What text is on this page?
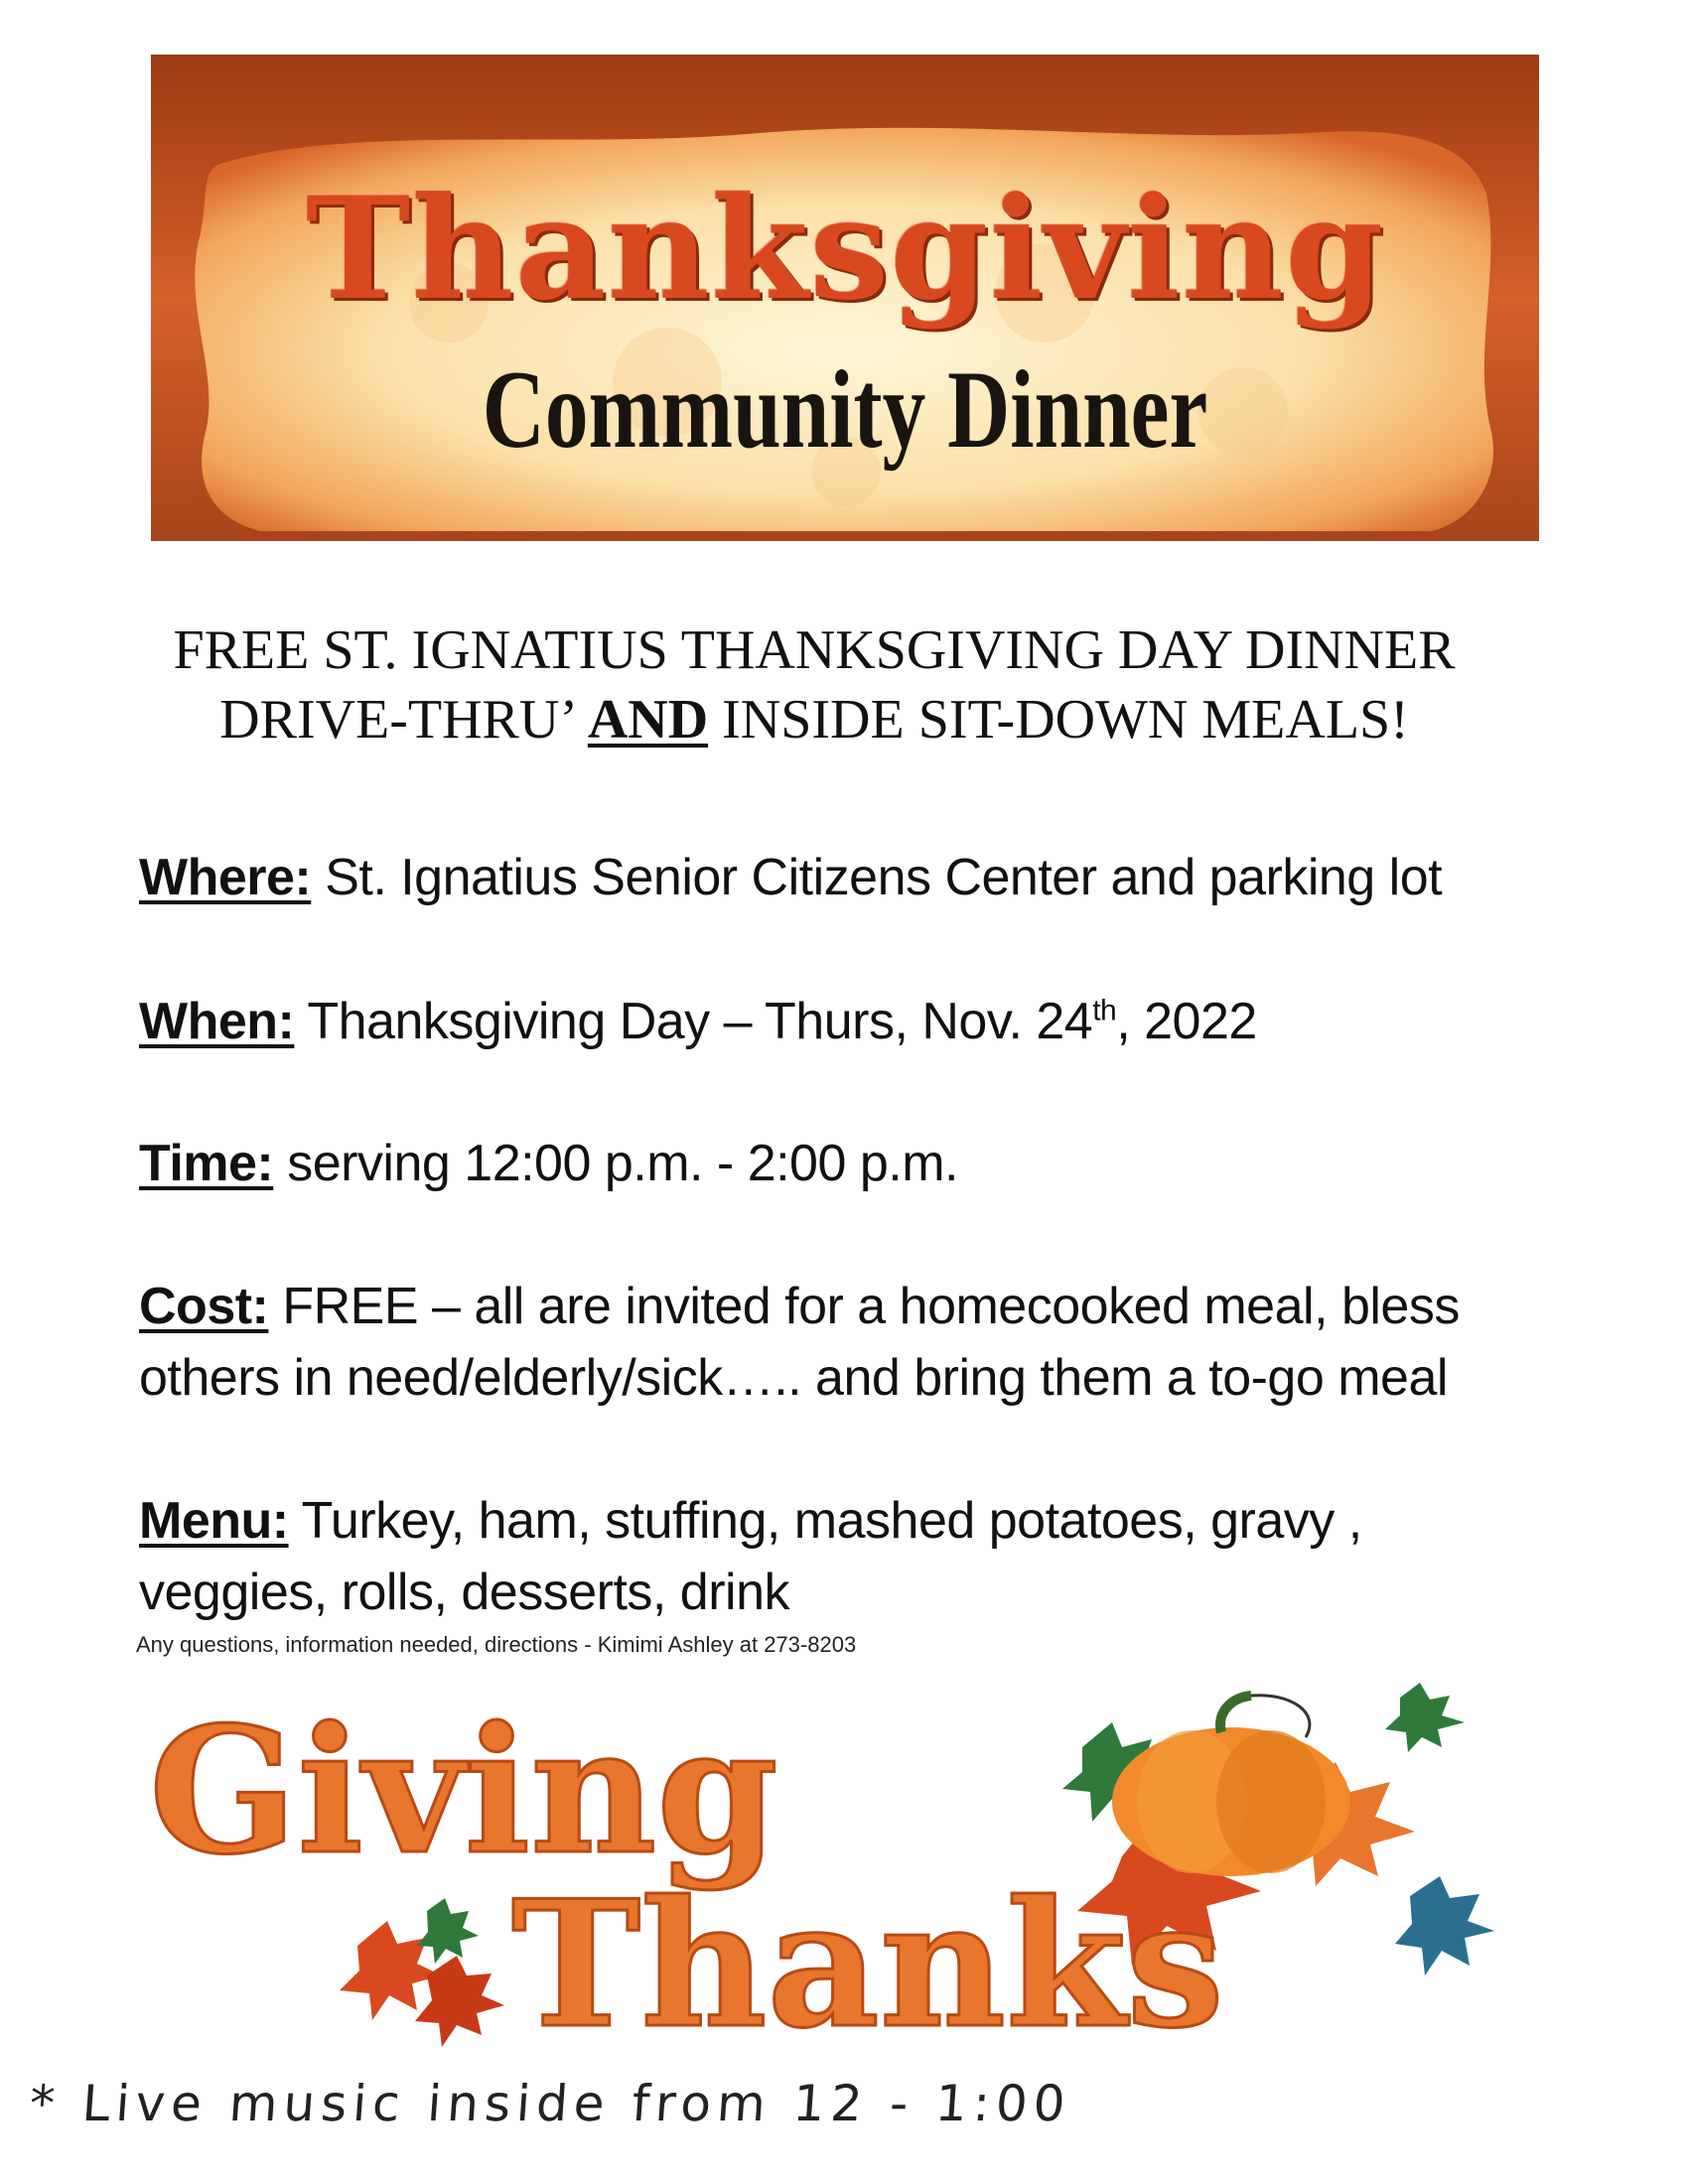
Thanksgiving
Community Dinner
FREE ST. IGNATIUS THANKSGIVING DAY DINNER
DRIVE-THRU’ AND INSIDE SIT-DOWN MEALS!
Where: St. Ignatius Senior Citizens Center and parking lot
When: Thanksgiving Day – Thurs, Nov. 24th, 2022
Time: serving 12:00 p.m. - 2:00 p.m.
Cost: FREE – all are invited for a homecooked meal, bless others in need/elderly/sick….. and bring them a to-go meal
Menu: Turkey, ham, stuffing, mashed potatoes, gravy , veggies, rolls, desserts, drink
Any questions, information needed, directions - Kimimi Ashley at 273-8203
Giving
Thanks
* Live music inside from 12 - 1:00
